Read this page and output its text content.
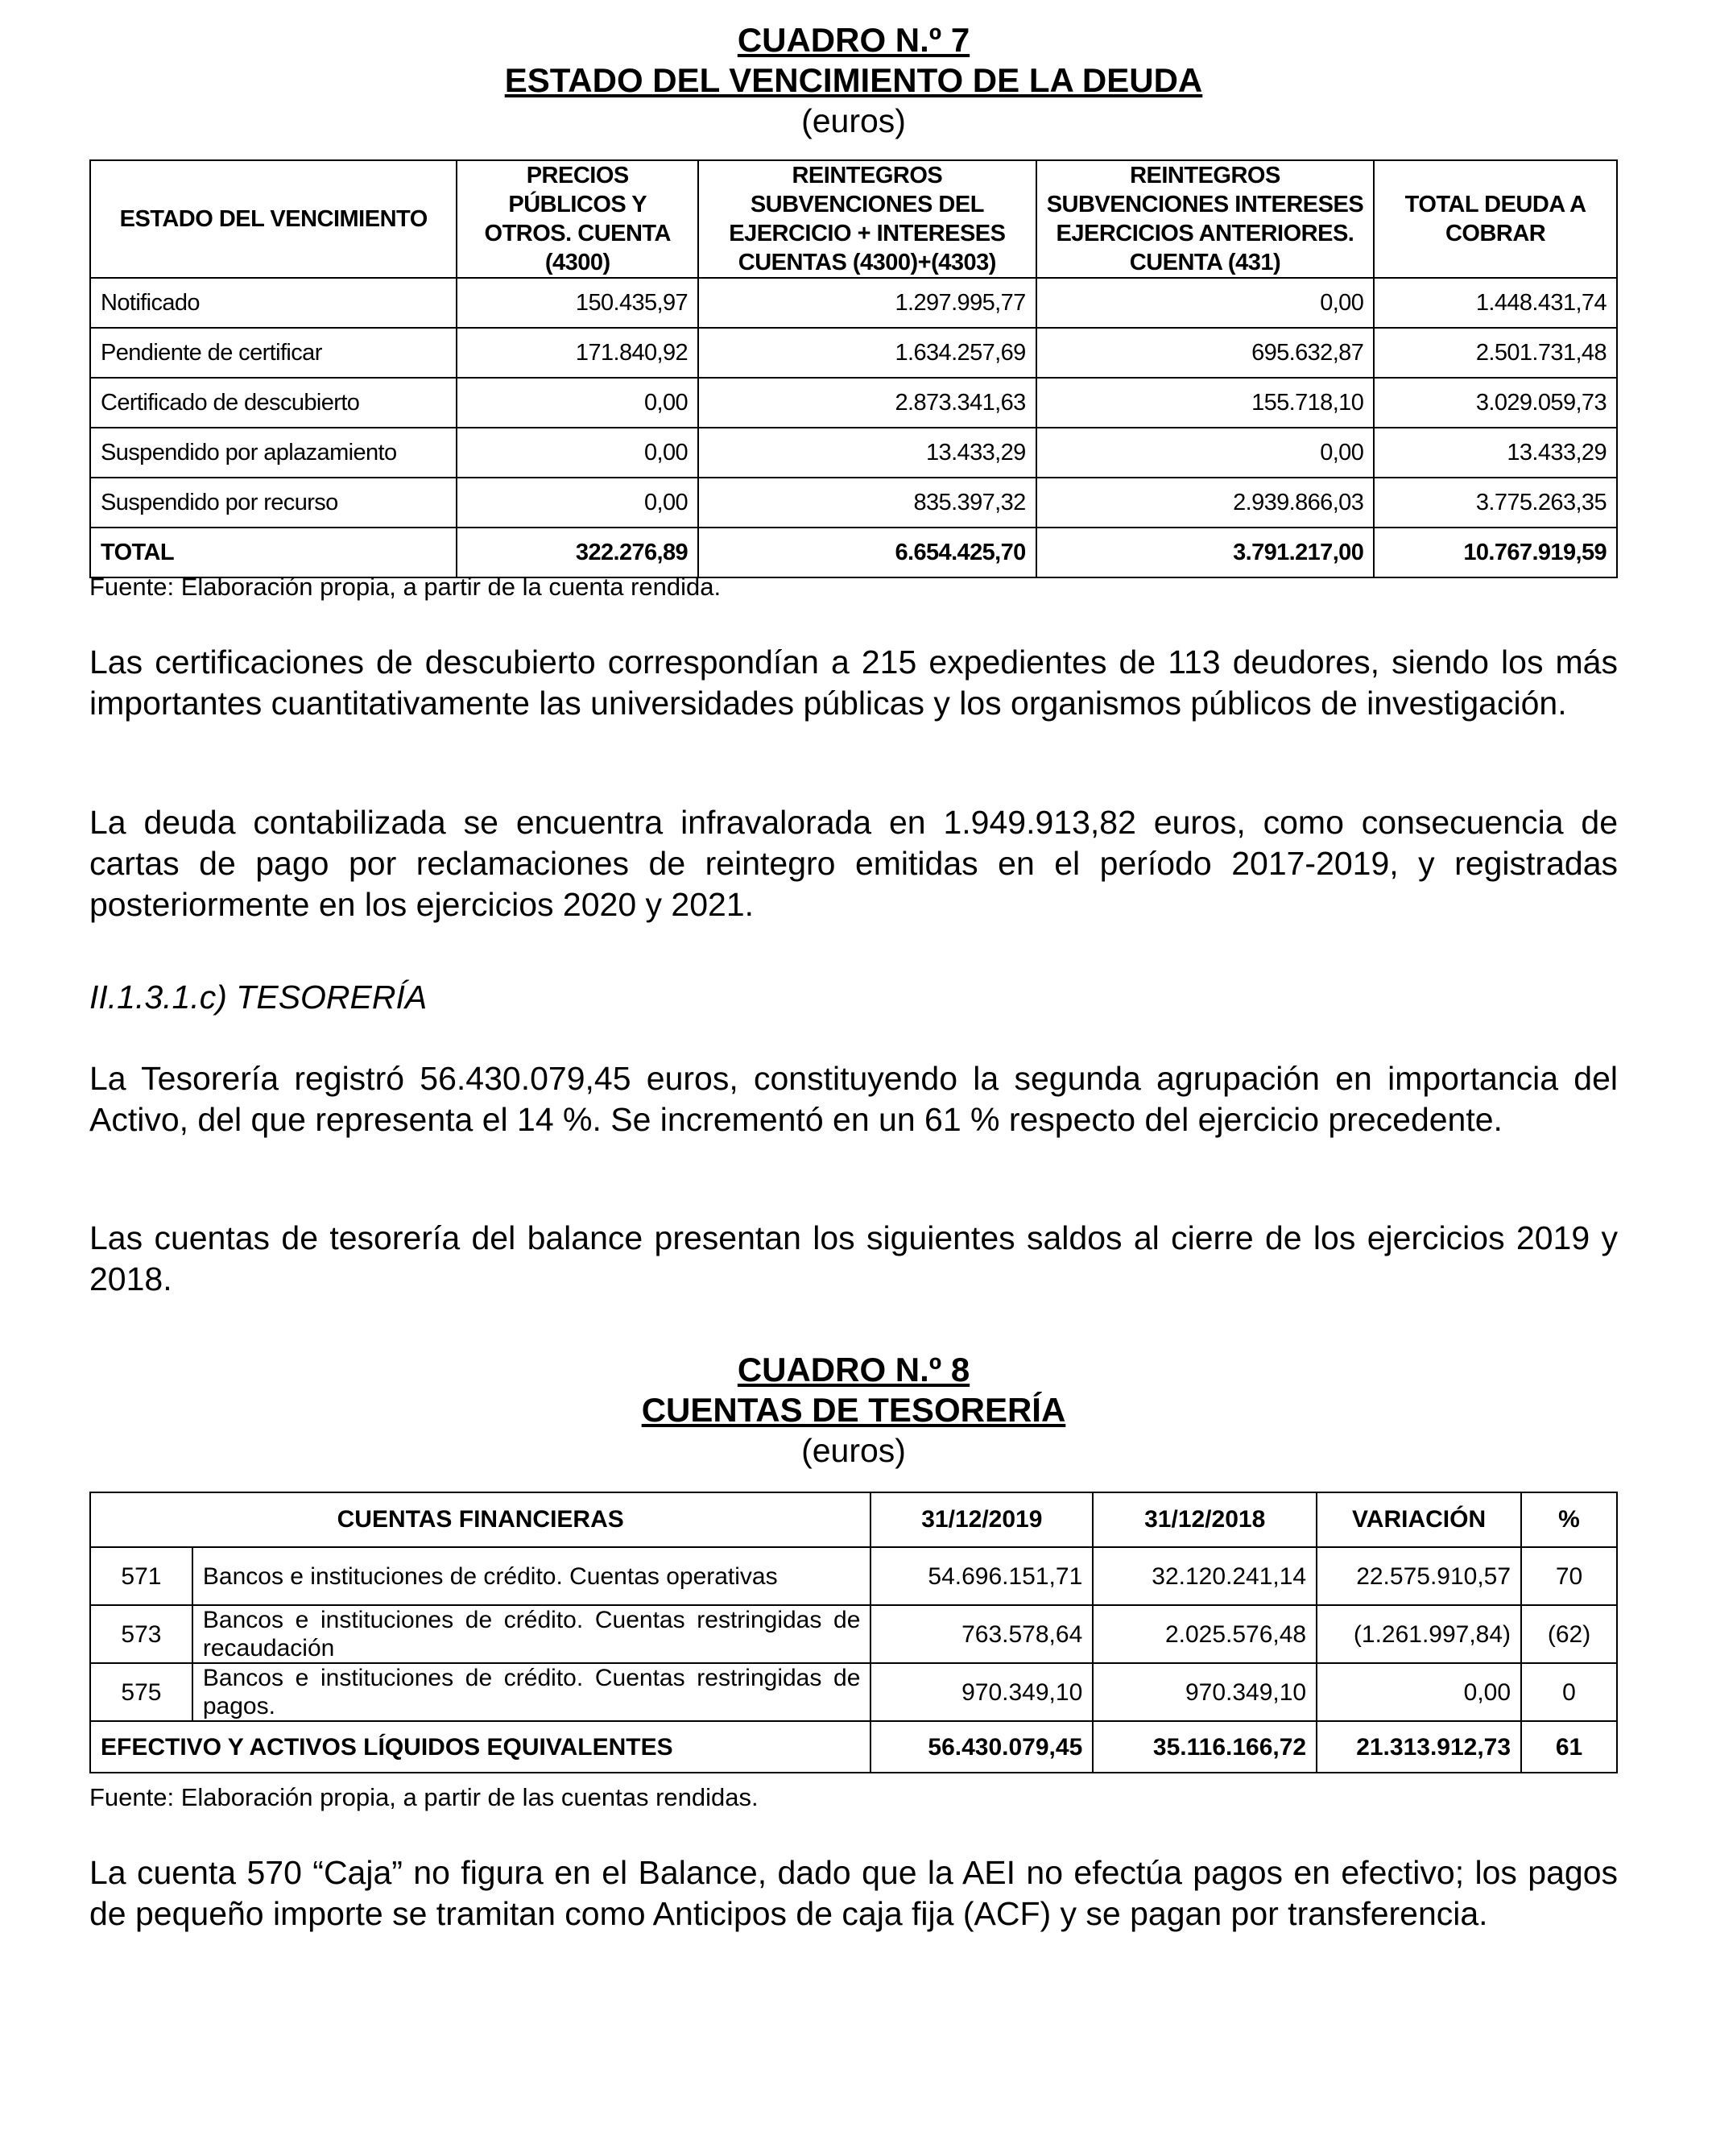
CUADRO N.º 7

ESTADO DEL VENCIMIENTO DE LA DEUDA

(euros)

ESTADO DEL VENCIMIENTO	PRECIOS PÚBLICOS Y OTROS. CUENTA (4300)	REINTEGROS SUBVENCIONES DEL EJERCICIO + INTERESES CUENTAS (4300)+(4303)	REINTEGROS SUBVENCIONES INTERESES EJERCICIOS ANTERIORES. CUENTA (431)	TOTAL DEUDA A COBRAR
Notificado	150.435,97	1.297.995,77	0,00	1.448.431,74
Pendiente de certificar	171.840,92	1.634.257,69	695.632,87	2.501.731,48
Certificado de descubierto	0,00	2.873.341,63	155.718,10	3.029.059,73
Suspendido por aplazamiento	0,00	13.433,29	0,00	13.433,29
Suspendido por recurso	0,00	835.397,32	2.939.866,03	3.775.263,35
TOTAL	322.276,89	6.654.425,70	3.791.217,00	10.767.919,59

Fuente: Elaboración propia, a partir de la cuenta rendida.

Las certificaciones de descubierto correspondían a 215 expedientes de 113 deudores, siendo los más importantes cuantitativamente las universidades públicas y los organismos públicos de investigación.

La deuda contabilizada se encuentra infravalorada en 1.949.913,82 euros, como consecuencia de cartas de pago por reclamaciones de reintegro emitidas en el período 2017-2019, y registradas posteriormente en los ejercicios 2020 y 2021.

II.1.3.1.c) TESORERÍA

La Tesorería registró 56.430.079,45 euros, constituyendo la segunda agrupación en importancia del Activo, del que representa el 14 %. Se incrementó en un 61 % respecto del ejercicio precedente.

Las cuentas de tesorería del balance presentan los siguientes saldos al cierre de los ejercicios 2019 y 2018.

CUADRO N.º 8

CUENTAS DE TESORERÍA

(euros)

CUENTAS FINANCIERAS		31/12/2019	31/12/2018	VARIACIÓN	%
571	Bancos e instituciones de crédito. Cuentas operativas	54.696.151,71	32.120.241,14	22.575.910,57	70
573	Bancos e instituciones de crédito. Cuentas restringidas de recaudación	763.578,64	2.025.576,48	(1.261.997,84)	(62)
575	Bancos e instituciones de crédito. Cuentas restringidas de pagos.	970.349,10	970.349,10	0,00	0
EFECTIVO Y ACTIVOS LÍQUIDOS EQUIVALENTES		56.430.079,45	35.116.166,72	21.313.912,73	61

Fuente: Elaboración propia, a partir de las cuentas rendidas.

La cuenta 570 “Caja” no figura en el Balance, dado que la AEI no efectúa pagos en efectivo; los pagos de pequeño importe se tramitan como Anticipos de caja fija (ACF) y se pagan por transferencia.
